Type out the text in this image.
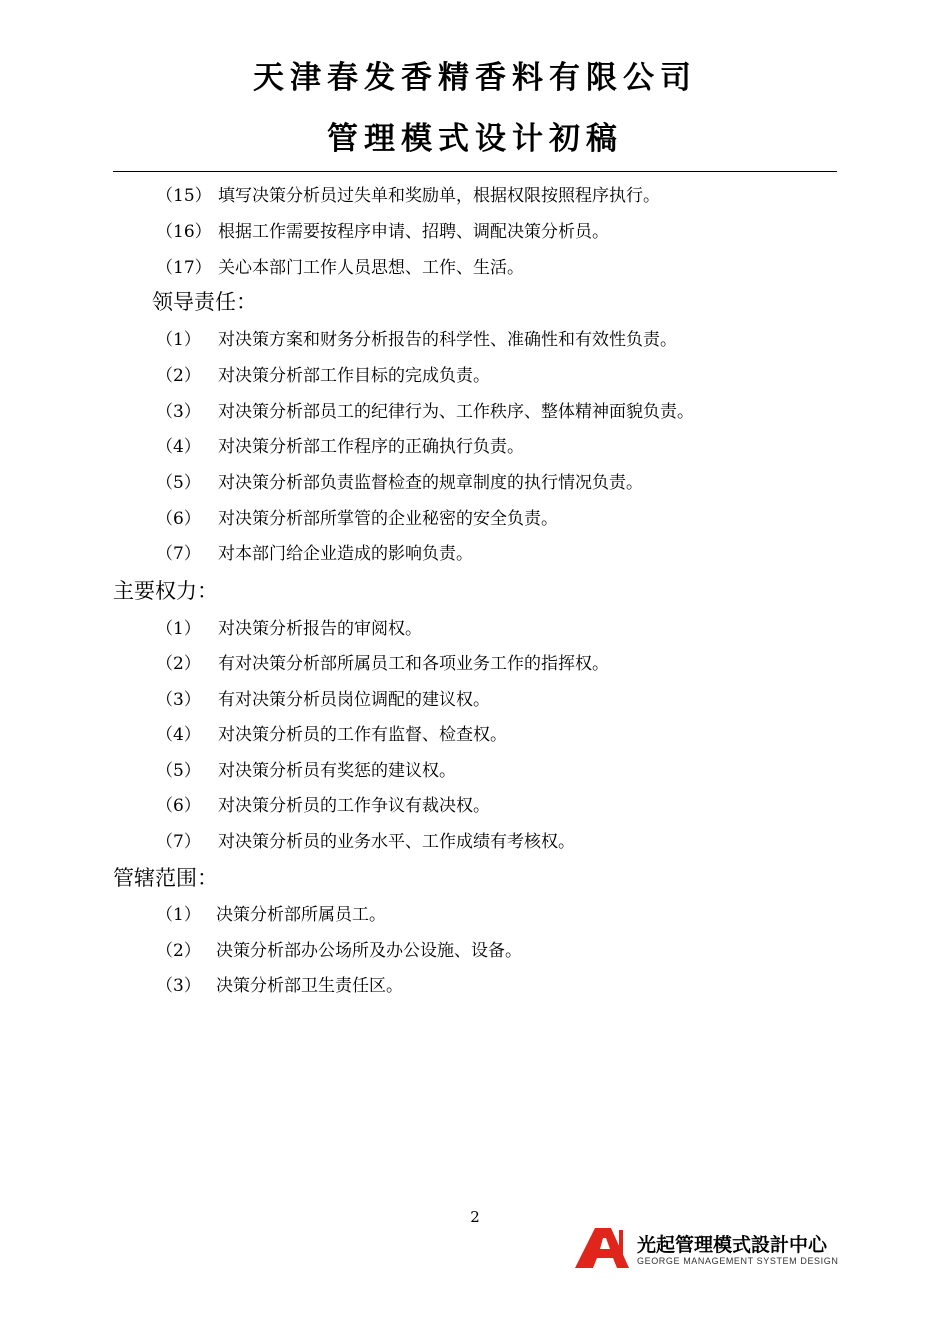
天津春发香精香料有限公司
管理模式设计初稿
（15） 填写决策分析员过失单和奖励单，根据权限按照程序执行。
（16） 根据工作需要按程序申请、招聘、调配决策分析员。
（17） 关心本部门工作人员思想、工作、生活。
领导责任：
（1） 对决策方案和财务分析报告的科学性、准确性和有效性负责。
（2） 对决策分析部工作目标的完成负责。
（3） 对决策分析部员工的纪律行为、工作秩序、整体精神面貌负责。
（4） 对决策分析部工作程序的正确执行负责。
（5） 对决策分析部负责监督检查的规章制度的执行情况负责。
（6） 对决策分析部所掌管的企业秘密的安全负责。
（7） 对本部门给企业造成的影响负责。
主要权力：
（1） 对决策分析报告的审阅权。
（2） 有对决策分析部所属员工和各项业务工作的指挥权。
（3） 有对决策分析员岗位调配的建议权。
（4） 对决策分析员的工作有监督、检查权。
（5） 对决策分析员有奖惩的建议权。
（6） 对决策分析员的工作争议有裁决权。
（7） 对决策分析员的业务水平、工作成绩有考核权。
管辖范围：
（1） 决策分析部所属员工。
（2） 决策分析部办公场所及办公设施、设备。
（3） 决策分析部卫生责任区。
2
光起管理模式設計中心
GEORGE MANAGEMENT SYSTEM DESIGN
